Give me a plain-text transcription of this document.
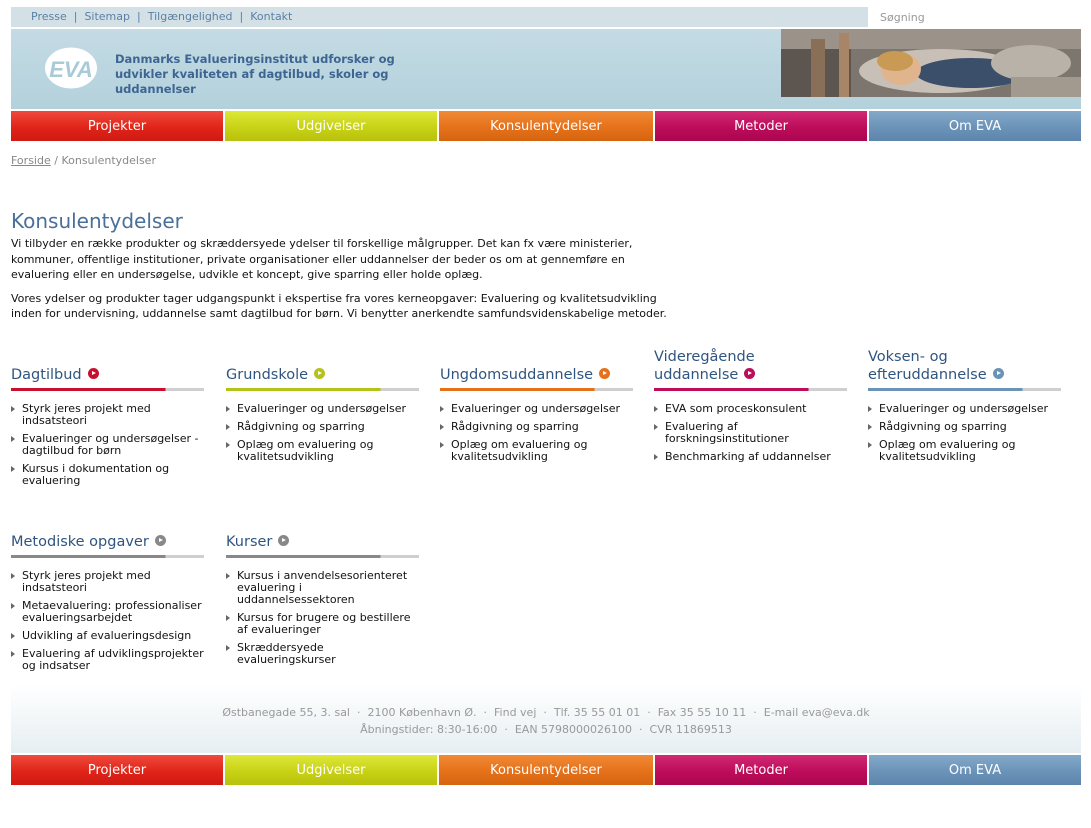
Presse | Sitemap | Tilgængelighed | Kontakt
Søgning
EVA Danmarks Evalueringsinstitut udforsker og udvikler kvaliteten af dagtilbud, skoler og uddannelser
Projekter	Udgivelser	Konsulentydelser	Metoder	Om EVA
Forside / Konsulentydelser
Konsulentydelser

Vi tilbyder en række produkter og skræddersyede ydelser til forskellige målgrupper. Det kan fx være ministerier, kommuner, offentlige institutioner, private organisationer eller uddannelser der beder os om at gennemføre en evaluering eller en undersøgelse, udvikle et koncept, give sparring eller holde oplæg.

Vores ydelser og produkter tager udgangspunkt i ekspertise fra vores kerneopgaver: Evaluering og kvalitetsudvikling inden for undervisning, uddannelse samt dagtilbud for børn. Vi benytter anerkendte samfundsvidenskabelige metoder.

Dagtilbud
Styrk jeres projekt med indsatsteori
Evalueringer og undersøgelser - dagtilbud for børn
Kursus i dokumentation og evaluering
Grundskole
Evalueringer og undersøgelser
Rådgivning og sparring
Oplæg om evaluering og kvalitetsudvikling
Ungdomsuddannelse
Evalueringer og undersøgelser
Rådgivning og sparring
Oplæg om evaluering og kvalitetsudvikling
Videregående uddannelse
EVA som proceskonsulent
Evaluering af forskningsinstitutioner
Benchmarking af uddannelser
Voksen- og efteruddannelse
Evalueringer og undersøgelser
Rådgivning og sparring
Oplæg om evaluering og kvalitetsudvikling
Metodiske opgaver
Styrk jeres projekt med indsatsteori
Metaevaluering: professionaliser evalueringsarbejdet
Udvikling af evalueringsdesign
Evaluering af udviklingsprojekter og indsatser
Kurser
Kursus i anvendelsesorienteret evaluering i uddannelsessektoren
Kursus for brugere og bestillere af evalueringer
Skræddersyede evalueringskurser
Østbanegade 55, 3. sal · 2100 København Ø. · Find vej · Tlf. 35 55 01 01 · Fax 35 55 10 11 · E-mail eva@eva.dk
Åbningstider: 8:30-16:00 · EAN 5798000026100 · CVR 11869513
Projekter	Udgivelser	Konsulentydelser	Metoder	Om EVA
